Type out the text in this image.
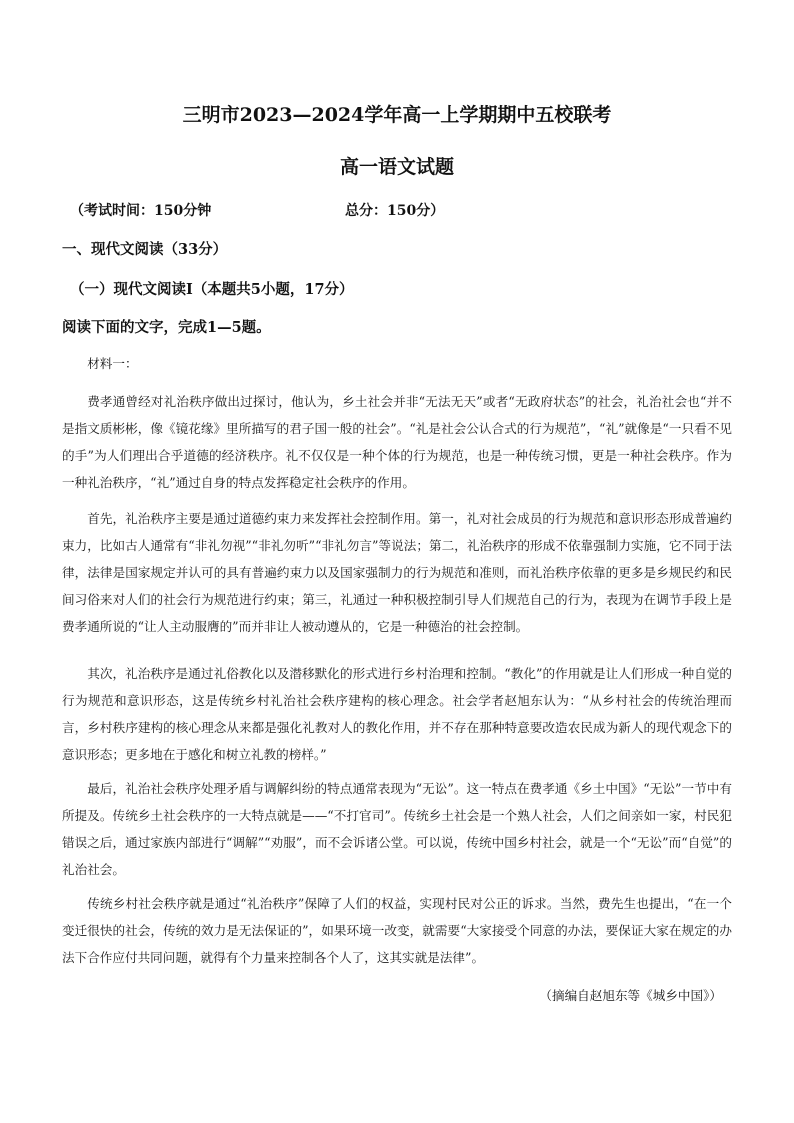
三明市2023—2024学年高一上学期期中五校联考
高一语文试题
（考试时间：150分钟	总分：150分）
一、现代文阅读（33分）
（一）现代文阅读Ⅰ（本题共5小题，17分）
阅读下面的文字，完成1—5题。
材料一：

费孝通曾经对礼治秩序做出过探讨，他认为，乡土社会并非“无法无天”或者“无政府状态”的社会，礼治社会也“并不是指文质彬彬，像《镜花缘》里所描写的君子国一般的社会”。“礼是社会公认合式的行为规范”，“礼”就像是“一只看不见的手”为人们理出合乎道德的经济秩序。礼不仅仅是一种个体的行为规范，也是一种传统习惯，更是一种社会秩序。作为一种礼治秩序，“礼”通过自身的特点发挥稳定社会秩序的作用。

首先，礼治秩序主要是通过道德约束力来发挥社会控制作用。第一，礼对社会成员的行为规范和意识形态形成普遍约束力，比如古人通常有“非礼勿视”“非礼勿听”“非礼勿言”等说法；第二，礼治秩序的形成不依靠强制力实施，它不同于法律，法律是国家规定并认可的具有普遍约束力以及国家强制力的行为规范和准则，而礼治秩序依靠的更多是乡规民约和民间习俗来对人们的社会行为规范进行约束；第三，礼通过一种积极控制引导人们规范自己的行为，表现为在调节手段上是费孝通所说的“让人主动服膺的”而并非让人被动遵从的，它是一种德治的社会控制。

其次，礼治秩序是通过礼俗教化以及潜移默化的形式进行乡村治理和控制。“教化”的作用就是让人们形成一种自觉的行为规范和意识形态，这是传统乡村礼治社会秩序建构的核心理念。社会学者赵旭东认为：“从乡村社会的传统治理而言，乡村秩序建构的核心理念从来都是强化礼教对人的教化作用，并不存在那种特意要改造农民成为新人的现代观念下的意识形态；更多地在于感化和树立礼教的榜样。”

最后，礼治社会秩序处理矛盾与调解纠纷的特点通常表现为“无讼”。这一特点在费孝通《乡土中国》“无讼”一节中有所提及。传统乡土社会秩序的一大特点就是——“不打官司”。传统乡土社会是一个熟人社会，人们之间亲如一家，村民犯错误之后，通过家族内部进行“调解”“劝服”，而不会诉诸公堂。可以说，传统中国乡村社会，就是一个“无讼”而“自觉”的礼治社会。

传统乡村社会秩序就是通过“礼治秩序”保障了人们的权益，实现村民对公正的诉求。当然，费先生也提出，“在一个变迁很快的社会，传统的效力是无法保证的”，如果环境一改变，就需要“大家接受个同意的办法，要保证大家在规定的办法下合作应付共同问题，就得有个力量来控制各个人了，这其实就是法律”。

（摘编自赵旭东等《城乡中国》）
